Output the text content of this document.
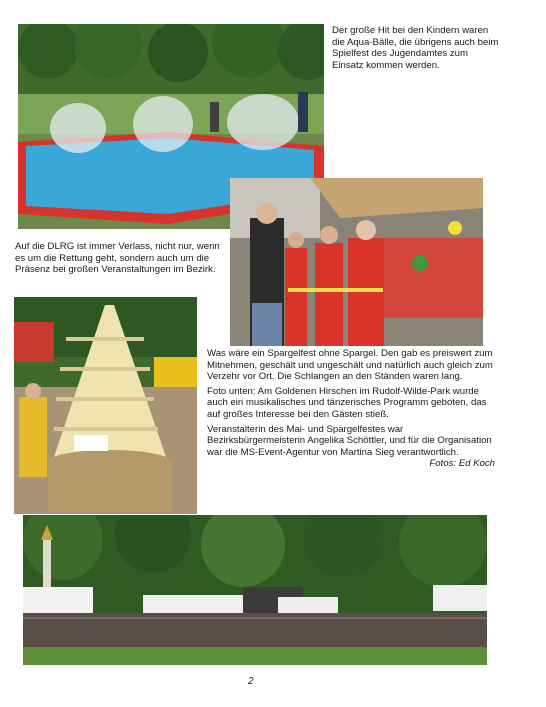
Der große Hit bei den Kindern waren die Aqua-Bälle, die übrigens auch beim Spielfest des Jugendamtes zum Einsatz kommen werden.

Auf die DLRG ist immer Verlass, nicht nur, wenn es um die Rettung geht, sondern auch um die Präsenz bei großen Veranstaltungen im Bezirk.

Was wäre ein Spargelfest ohne Spargel. Den gab es preiswert zum Mitnehmen, geschält und ungeschält und natürlich auch gleich zum Verzehr vor Ort. Die Schlangen an den Ständen waren lang.

Foto unten: Am Goldenen Hirschen im Rudolf-Wilde-Park wurde auch ein musikalisches und tänzerisches Programm geboten, das auf großes Interesse bei den Gästen stieß.

Veranstalterin des Mai- und Spargelfestes war Bezirksbürgermeisterin Angelika Schöttler, und für die Organisation war die MS-Event-Agentur von Martina Sieg verantwortlich.
Fotos: Ed Koch

2
